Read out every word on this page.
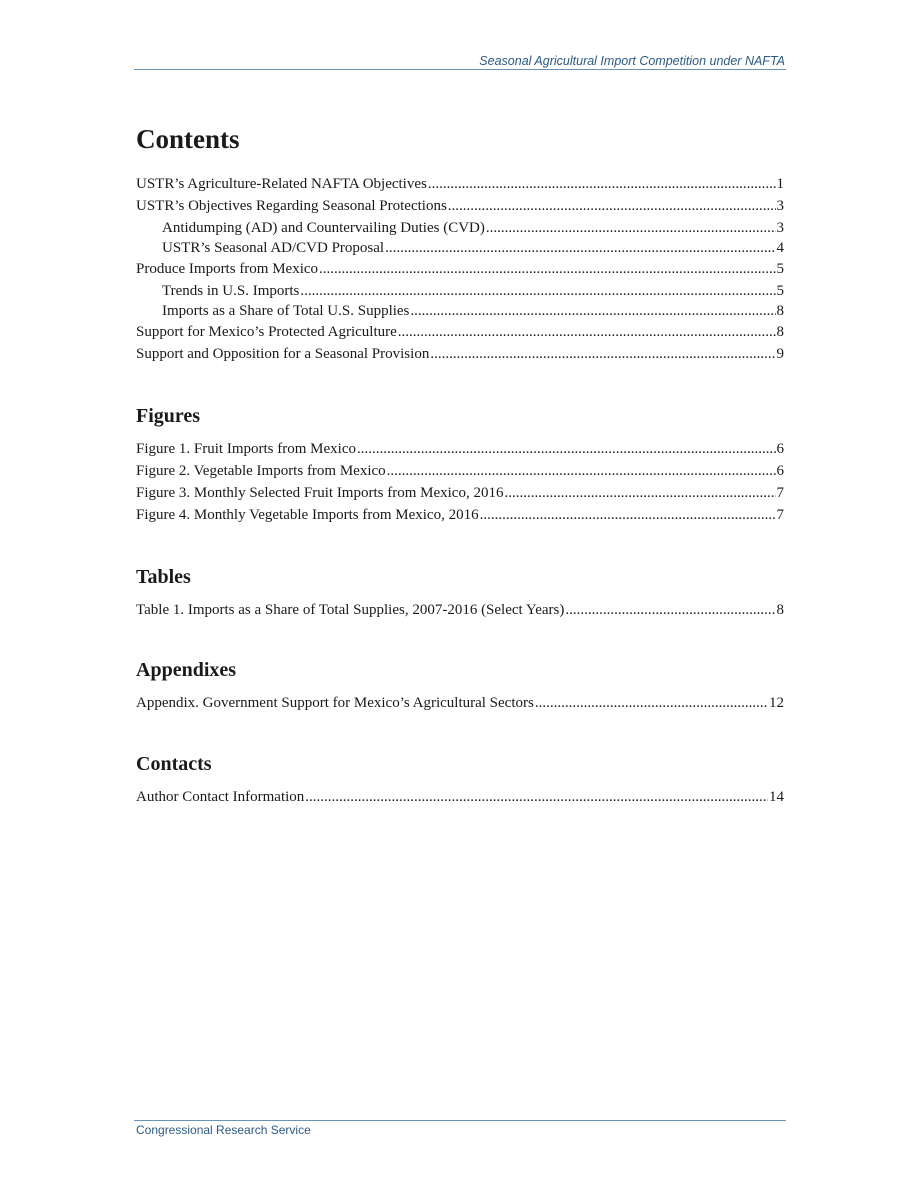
Seasonal Agricultural Import Competition under NAFTA
Contents
USTR’s Agriculture-Related NAFTA Objectives .....	1
USTR’s Objectives Regarding Seasonal Protections .....	3
Antidumping (AD) and Countervailing Duties (CVD) .....	3
USTR’s Seasonal AD/CVD Proposal .....	4
Produce Imports from Mexico .....	5
Trends in U.S. Imports .....	5
Imports as a Share of Total U.S. Supplies .....	8
Support for Mexico’s Protected Agriculture .....	8
Support and Opposition for a Seasonal Provision .....	9
Figures
Figure 1. Fruit Imports from Mexico .....	6
Figure 2. Vegetable Imports from Mexico .....	6
Figure 3. Monthly Selected Fruit Imports from Mexico, 2016 .....	7
Figure 4. Monthly Vegetable Imports from Mexico, 2016 .....	7
Tables
Table 1. Imports as a Share of Total Supplies, 2007-2016 (Select Years) .....	8
Appendixes
Appendix. Government Support for Mexico’s Agricultural Sectors .....	12
Contacts
Author Contact Information .....	14
Congressional Research Service
